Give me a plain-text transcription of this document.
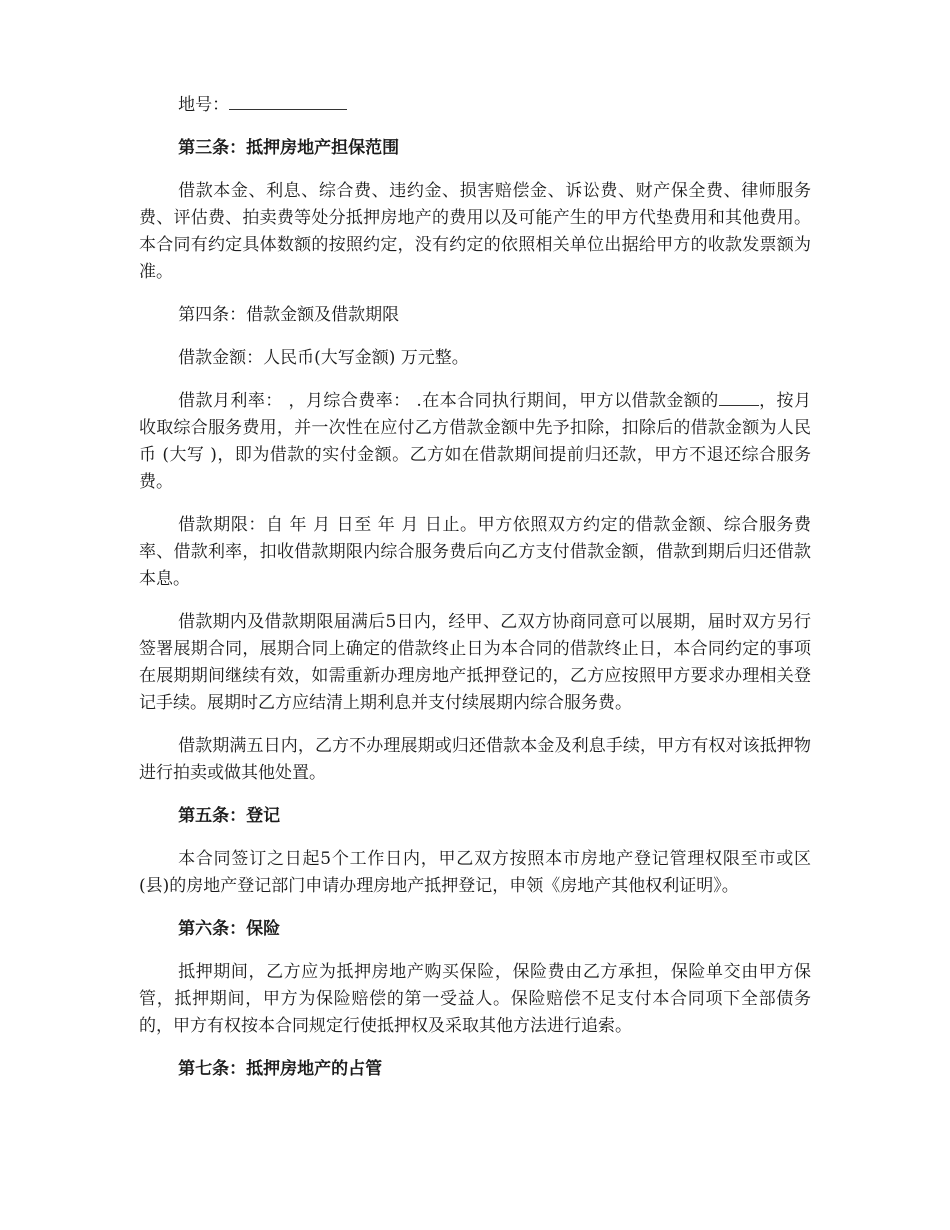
地号：

第三条：抵押房地产担保范围

借款本金、利息、综合费、违约金、损害赔偿金、诉讼费、财产保全费、律师服务费、评估费、拍卖费等处分抵押房地产的费用以及可能产生的甲方代垫费用和其他费用。本合同有约定具体数额的按照约定，没有约定的依照相关单位出据给甲方的收款发票额为准。

第四条：借款金额及借款期限

借款金额：人民币(大写金额) 万元整。

借款月利率： ，月综合费率： .在本合同执行期间，甲方以借款金额的 ，按月收取综合服务费用，并一次性在应付乙方借款金额中先予扣除，扣除后的借款金额为人民币 (大写 )，即为借款的实付金额。乙方如在借款期间提前归还款，甲方不退还综合服务费。

借款期限：自 年 月 日至 年 月 日止。甲方依照双方约定的借款金额、综合服务费率、借款利率，扣收借款期限内综合服务费后向乙方支付借款金额，借款到期后归还借款本息。

借款期内及借款期限届满后5日内，经甲、乙双方协商同意可以展期，届时双方另行签署展期合同，展期合同上确定的借款终止日为本合同的借款终止日，本合同约定的事项在展期期间继续有效，如需重新办理房地产抵押登记的，乙方应按照甲方要求办理相关登记手续。展期时乙方应结清上期利息并支付续展期内综合服务费。

借款期满五日内，乙方不办理展期或归还借款本金及利息手续，甲方有权对该抵押物进行拍卖或做其他处置。

第五条：登记

本合同签订之日起5个工作日内，甲乙双方按照本市房地产登记管理权限至市或区(县)的房地产登记部门申请办理房地产抵押登记，申领《房地产其他权利证明》。

第六条：保险

抵押期间，乙方应为抵押房地产购买保险，保险费由乙方承担，保险单交由甲方保管，抵押期间，甲方为保险赔偿的第一受益人。保险赔偿不足支付本合同项下全部债务的，甲方有权按本合同规定行使抵押权及采取其他方法进行追索。

第七条：抵押房地产的占管
